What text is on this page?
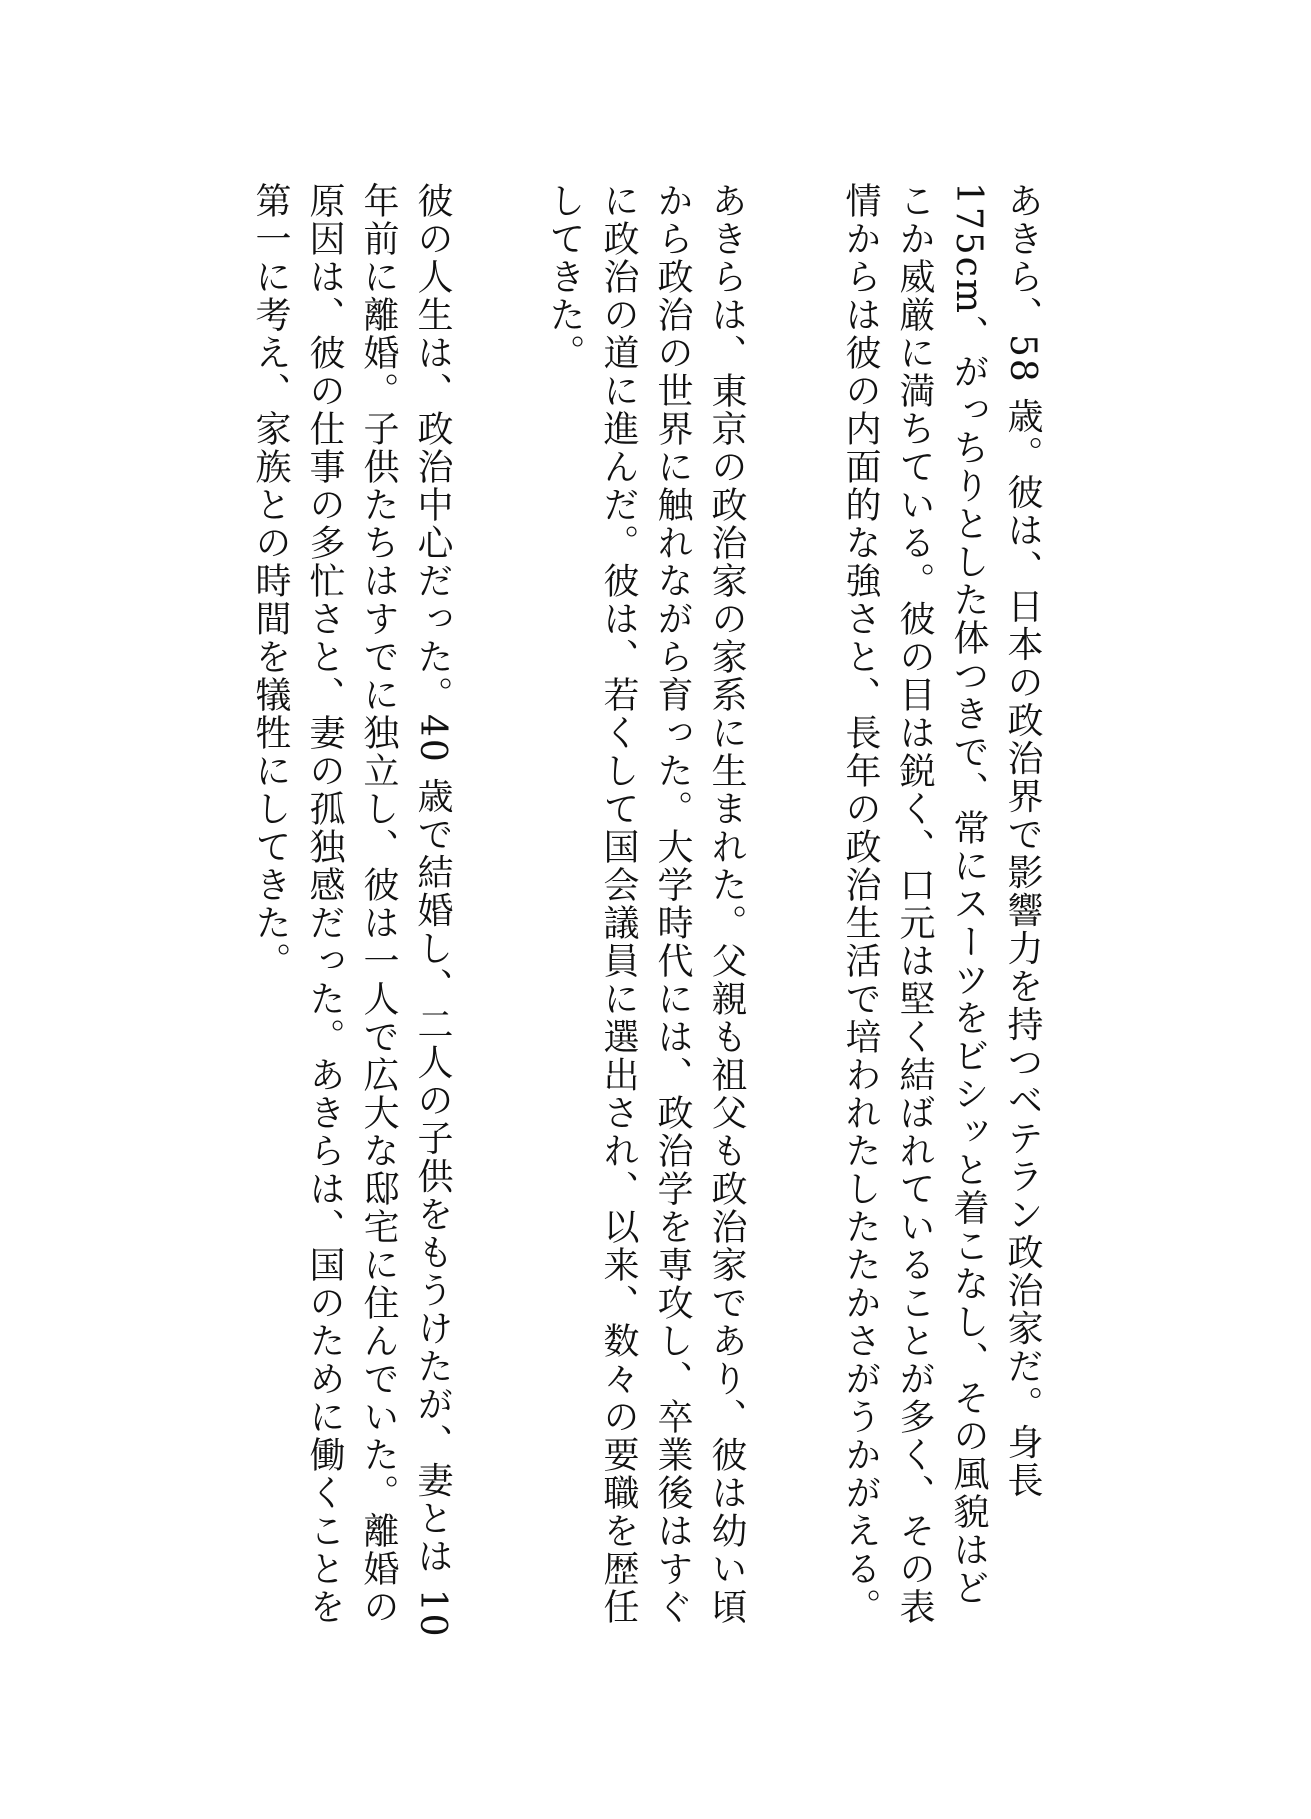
あきら、58 歳。彼は、日本の政治界で影響力を持つベテラン政治家だ。身長 175cm、がっちりとした体つきで、常にスーツをビシッと着こなし、その風貌はどこか威厳に満ちている。彼の目は鋭く、口元は堅く結ばれていることが多く、その表情からは彼の内面的な強さと、長年の政治生活で培われたしたたかさがうかがえる。
あきらは、東京の政治家の家系に生まれた。父親も祖父も政治家であり、彼は幼い頃から政治の世界に触れながら育った。大学時代には、政治学を専攻し、卒業後はすぐに政治の道に進んだ。彼は、若くして国会議員に選出され、以来、数々の要職を歴任してきた。
彼の人生は、政治中心だった。40 歳で結婚し、二人の子供をもうけたが、妻とは 10 年前に離婚。子供たちはすでに独立し、彼は一人で広大な邸宅に住んでいた。離婚の原因は、彼の仕事の多忙さと、妻の孤独感だった。あきらは、国のために働くことを第一に考え、家族との時間を犠牲にしてきた。
